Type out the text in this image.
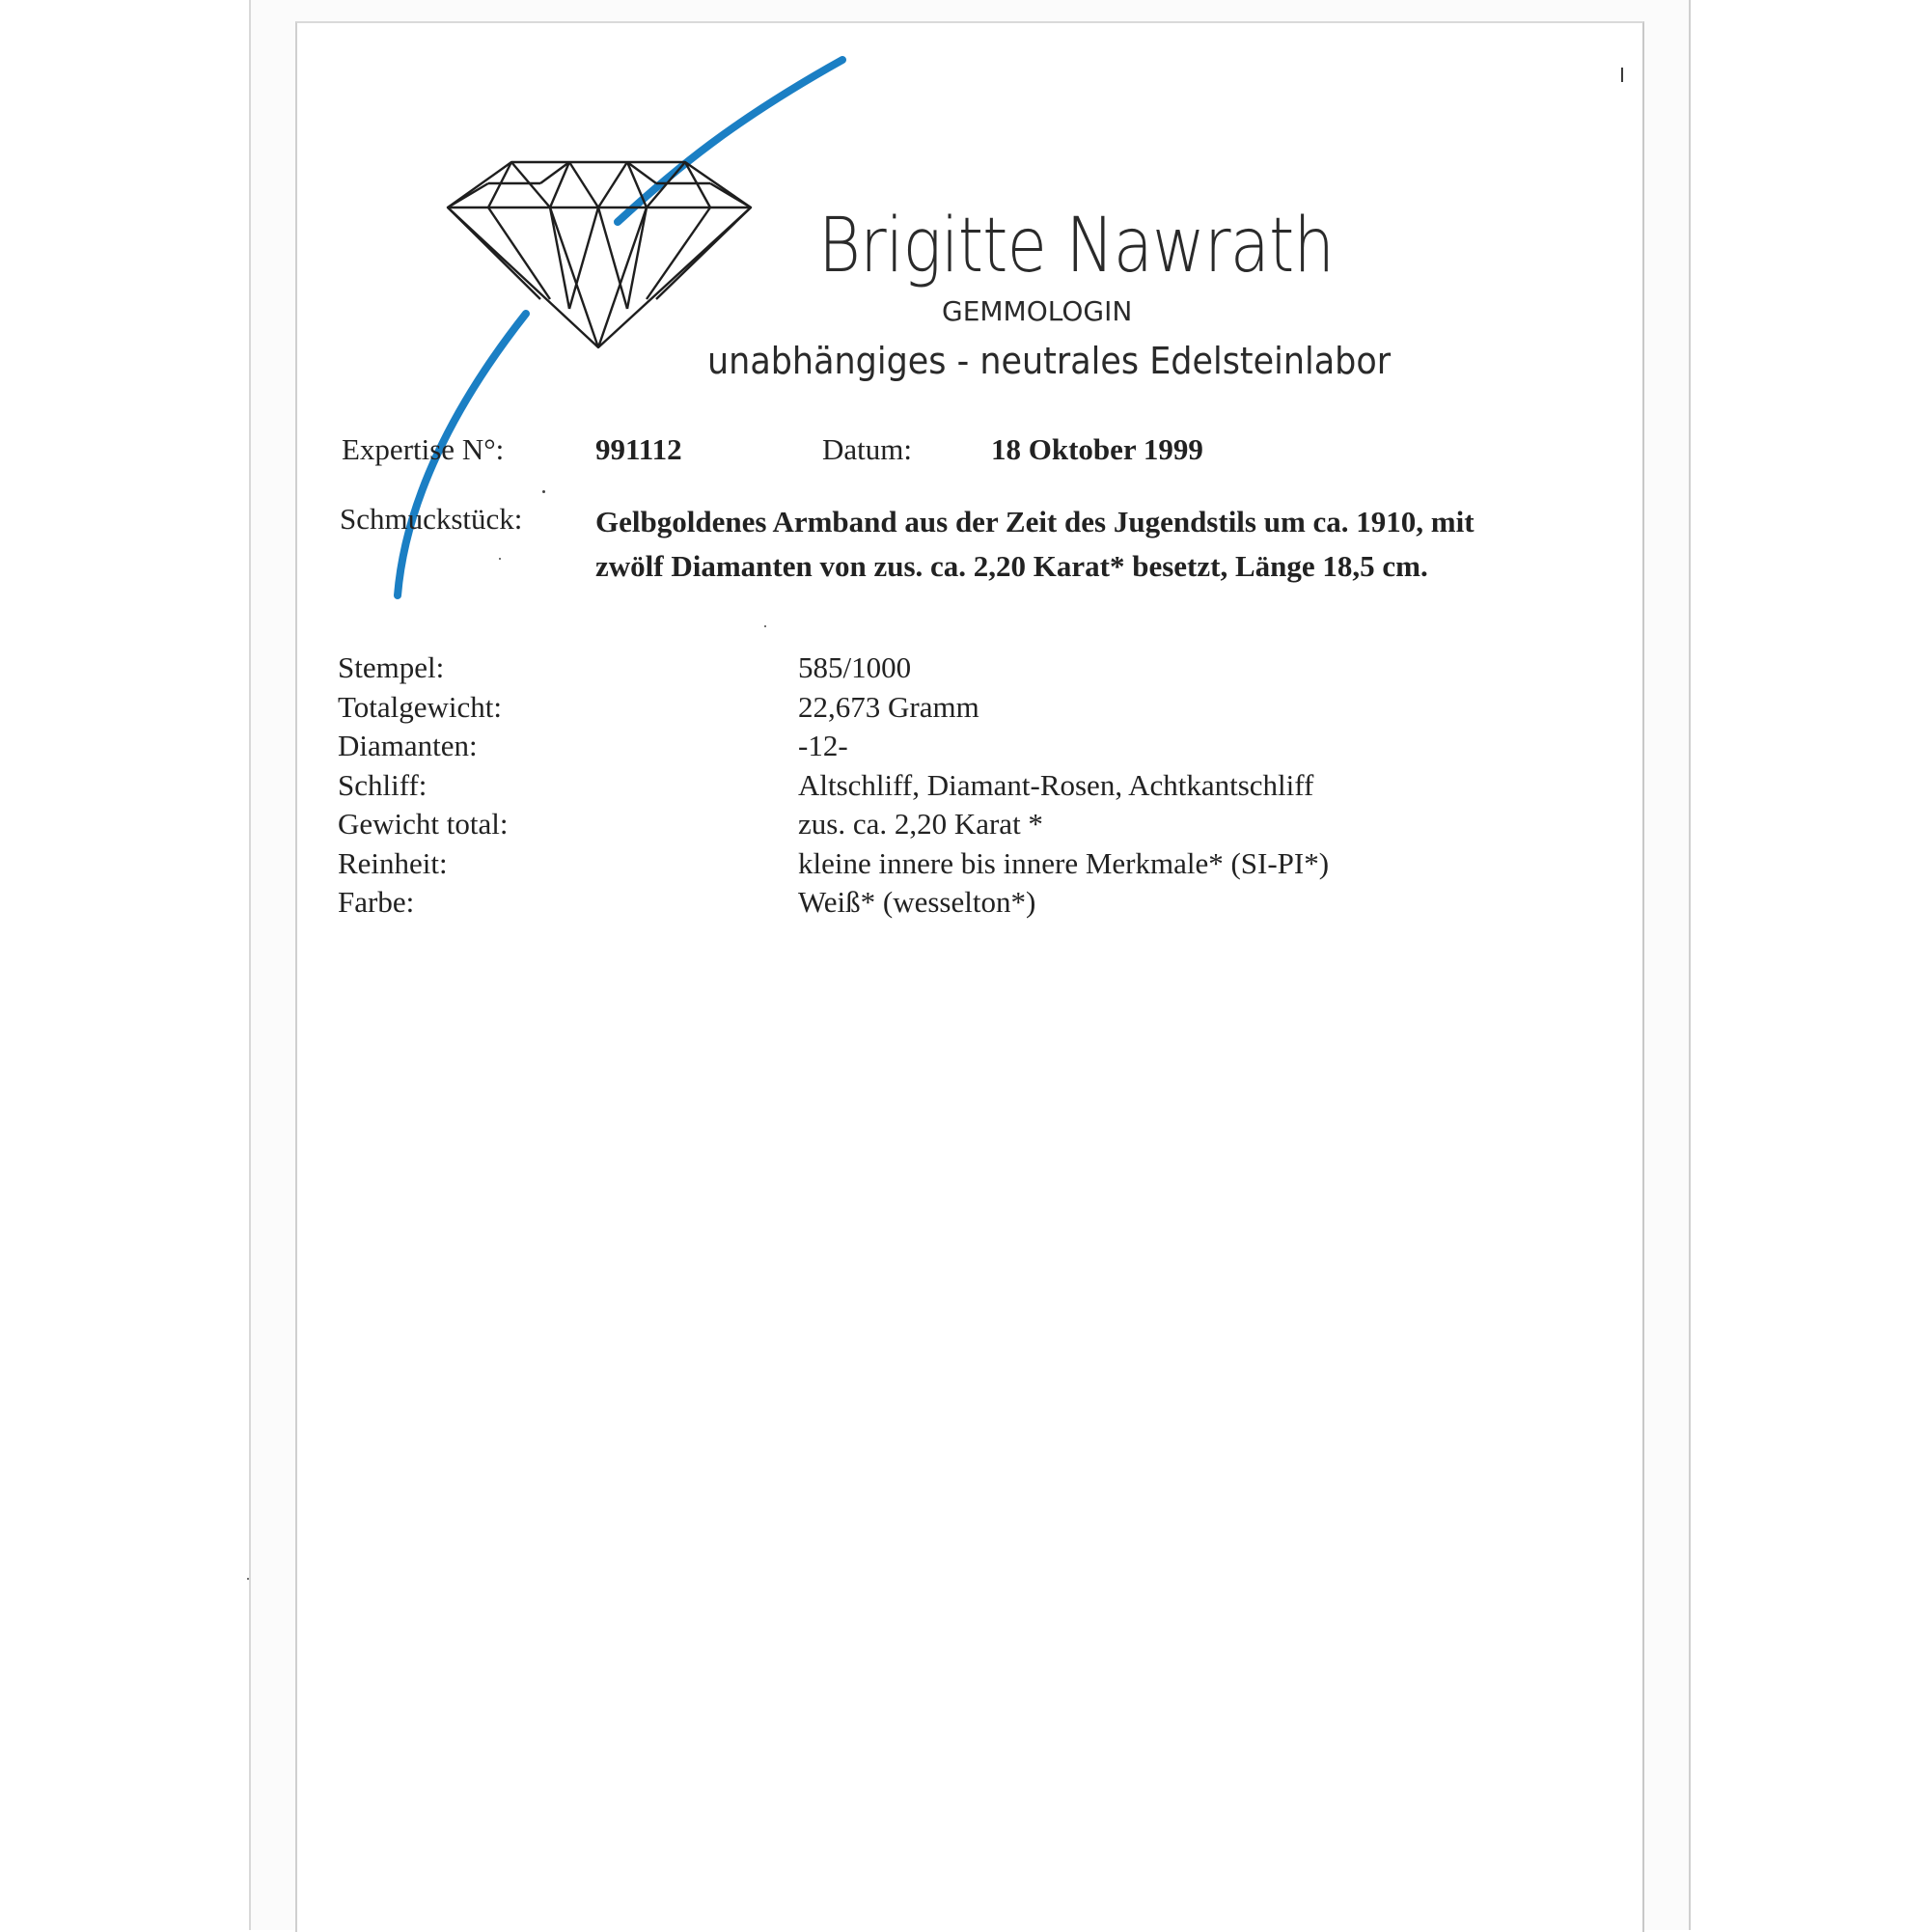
Brigitte Nawrath
GEMMOLOGIN
unabhängiges - neutrales Edelsteinlabor
I
Expertise N°:	991112	Datum:	18 Oktober 1999
Schmuckstück: Gelbgoldenes Armband aus der Zeit des Jugendstils um ca. 1910, mit
zwölf Diamanten von zus. ca. 2,20 Karat* besetzt, Länge 18,5 cm.
Stempel:	585/1000
Totalgewicht:	22,673 Gramm
Diamanten:	-12-
Schliff:	Altschliff, Diamant-Rosen, Achtkantschliff
Gewicht total:	zus. ca. 2,20 Karat *
Reinheit:	kleine innere bis innere Merkmale* (SI-PI*)
Farbe:	Weiß* (wesselton*)
